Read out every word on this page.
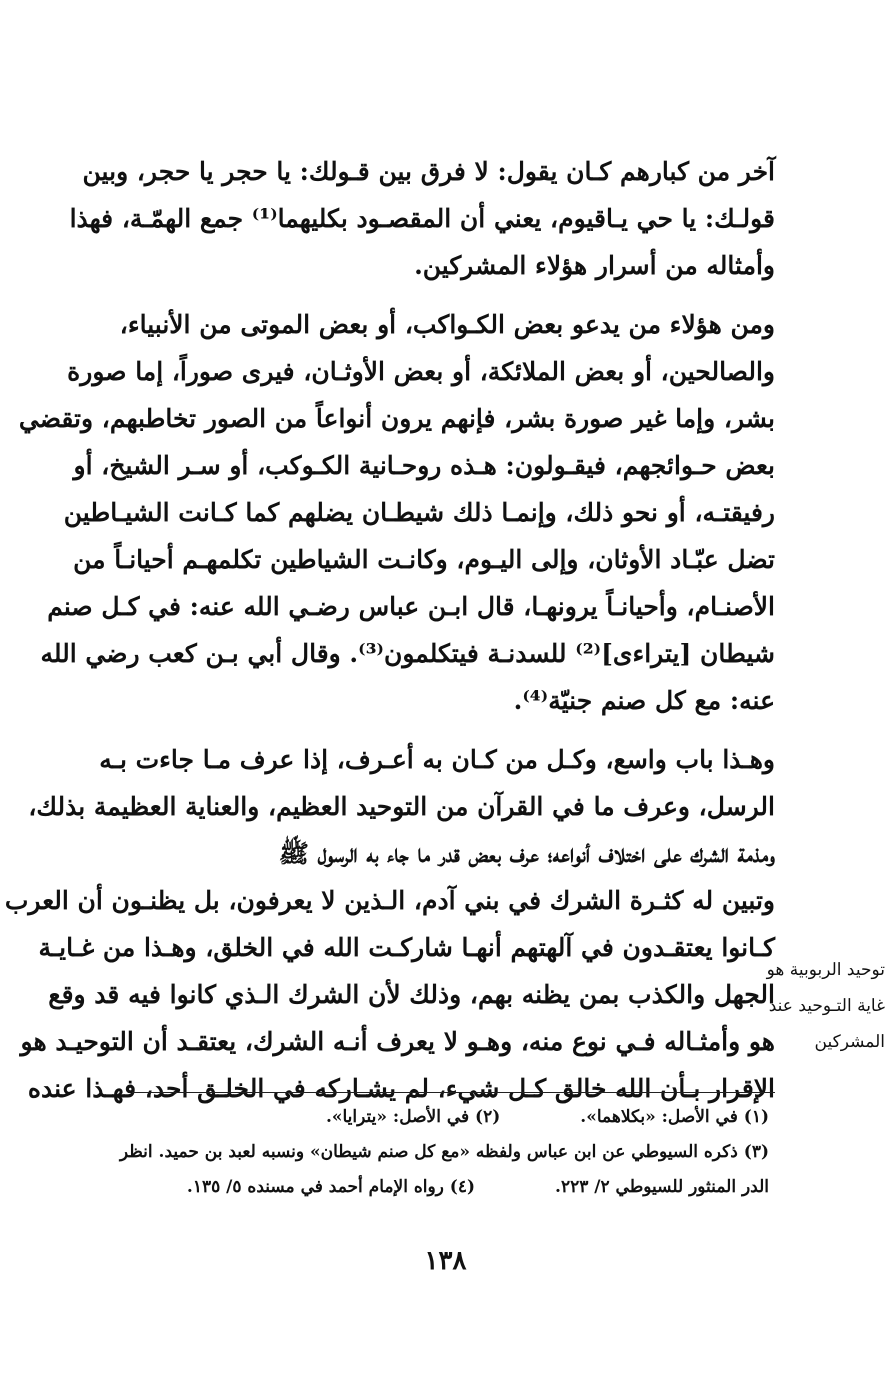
آخر من كبارهم كـان يقول: لا فرق بين قـولك: يا حجر يا حجر، وبين
قولـك: يا حي يـاقيوم، يعني أن المقصـود بكليهما⁽¹⁾ جمع الهمّـة، فهذا
وأمثاله من أسرار هؤلاء المشركين.
ومن هؤلاء من يدعو بعض الكـواكب، أو بعض الموتى من الأنبياء،
والصالحين، أو بعض الملائكة، أو بعض الأوثـان، فيرى صوراً، إما صورة
بشر، وإما غير صورة بشر، فإنهم يرون أنواعاً من الصور تخاطبهم، وتقضي
بعض حـوائجهم، فيقـولون: هـذه روحـانية الكـوكب، أو سـر الشيخ، أو
رفيقتـه، أو نحو ذلك، وإنمـا ذلك شيطـان يضلهم كما كـانت الشيـاطين
تضل عبّـاد الأوثان، وإلى اليـوم، وكانـت الشياطين تكلمهـم أحيانـاً من
الأصنـام، وأحيانـاً يرونهـا، قال ابـن عباس رضـي الله عنه: في كـل صنم
شيطان [يتراءى]⁽²⁾ للسدنـة فيتكلمون⁽³⁾. وقال أبي بـن كعب رضي الله
عنه: مع كل صنم جنيّة⁽⁴⁾.
وهـذا باب واسع، وكـل من كـان به أعـرف، إذا عرف مـا جاءت بـه
الرسل، وعرف ما في القرآن من التوحيد العظيم، والعناية العظيمة بذلك،
ومذمة الشرك على اختلاف أنواعه؛ عرف بعض قدر ما جاء به الرسول ﷺ
وتبين له كثـرة الشرك في بني آدم، الـذين لا يعرفون، بل يظنـون أن العرب
كـانوا يعتقـدون في آلهتهم أنهـا شاركـت الله في الخلق، وهـذا من غـايـة
الجهل والكذب بمن يظنه بهم، وذلك لأن الشرك الـذي كانوا فيه قد وقع
هو وأمثـاله فـي نوع منه، وهـو لا يعرف أنـه الشرك، يعتقـد أن التوحيـد هو
الإقرار بـأن الله خالق كـل شيء، لم يشـاركه في الخلـق أحد، فهـذا عنده
توحيد الربوبية هو
غاية التـوحيد عند
المشركين
(١) في الأصل: «بكلاهما».(٢) في الأصل: «يترايا».
(٣) ذكره السيوطي عن ابن عباس ولفظه «مع كل صنم شيطان» ونسبه لعبد بن حميد. انظر
الدر المنثور للسيوطي ٢/ ٢٢٣.(٤) رواه الإمام أحمد في مسنده ٥/ ١٣٥.
١٣٨
